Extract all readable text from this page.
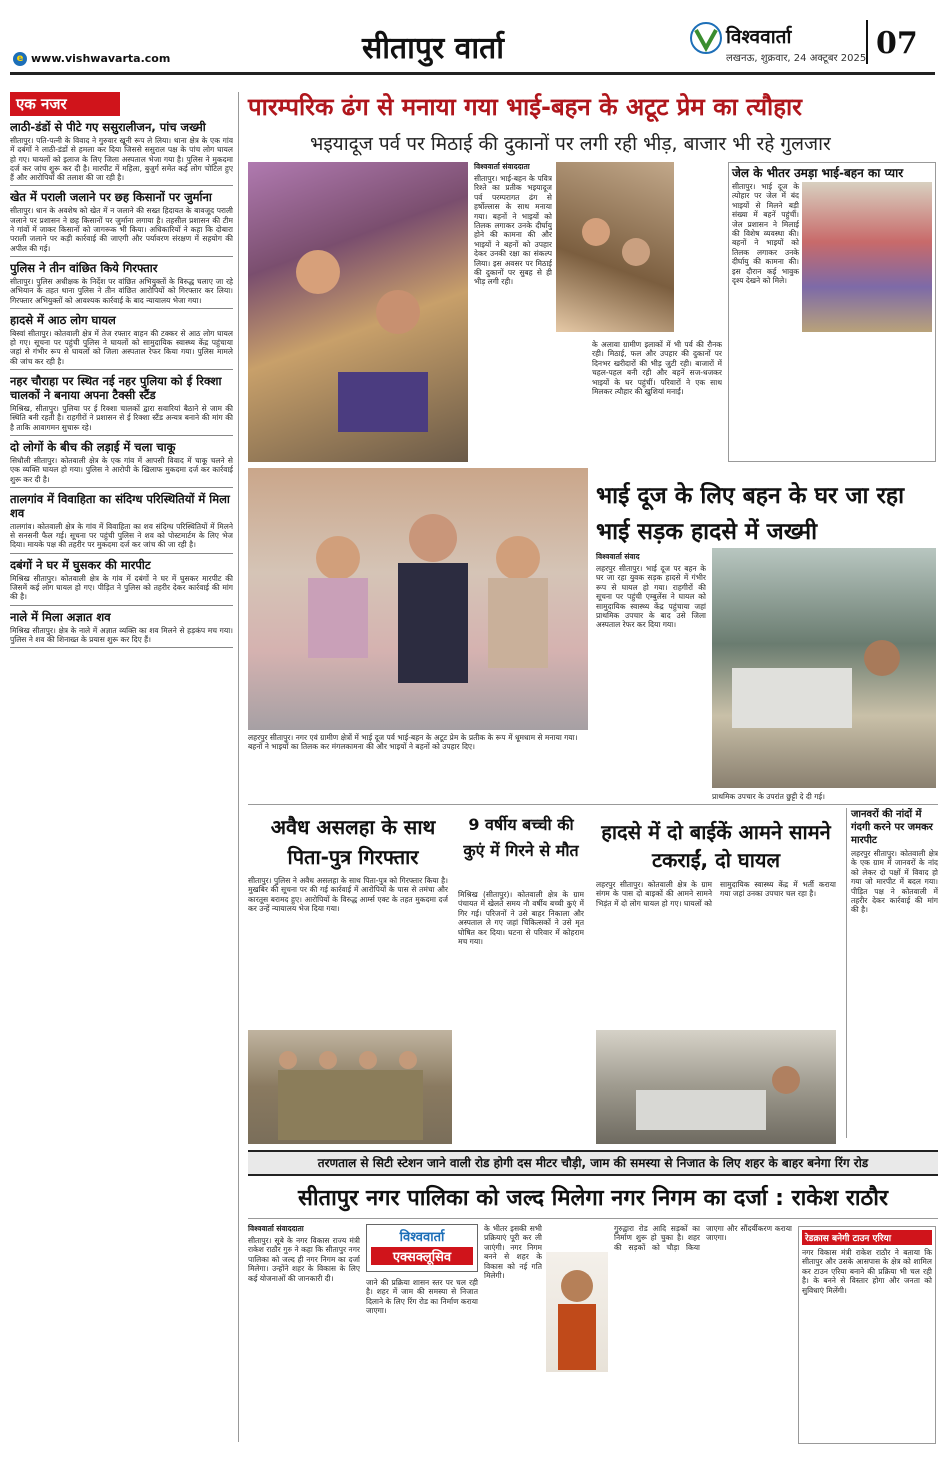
सीतापुर वार्ता	विश्ववार्ता
लखनऊ, शुक्रवार, 24 अक्टूबर 2025 07
e www.vishwavarta.com
एक नजर
लाठी-डंडों से पीटे गए ससुरालीजन, पांच जख्मी
सीतापुर। पति-पत्नी के विवाद ने गुरुवार खूनी रूप ले लिया। थाना क्षेत्र के एक गांव में दबंगों ने लाठी-डंडों से हमला कर दिया जिससे ससुराल पक्ष के पांच लोग घायल हो गए। घायलों को इलाज के लिए जिला अस्पताल भेजा गया है। पुलिस ने मुकदमा दर्ज कर जांच शुरू कर दी है। मारपीट में महिला, बुजुर्ग समेत कई लोग चोटिल हुए हैं और आरोपियों की तलाश की जा रही है।
खेत में पराली जलाने पर छह किसानों पर जुर्माना
सीतापुर। धान के अवशेष को खेत में न जलाने की सख्त हिदायत के बावजूद पराली जलाने पर प्रशासन ने छह किसानों पर जुर्माना लगाया है। तहसील प्रशासन की टीम ने गांवों में जाकर किसानों को जागरूक भी किया। अधिकारियों ने कहा कि दोबारा पराली जलाने पर कड़ी कार्रवाई की जाएगी और पर्यावरण संरक्षण में सहयोग की अपील की गई।
पुलिस ने तीन वांछित किये गिरफ्तार
सीतापुर। पुलिस अधीक्षक के निर्देश पर वांछित अभियुक्तों के विरुद्ध चलाए जा रहे अभियान के तहत थाना पुलिस ने तीन वांछित आरोपियों को गिरफ्तार कर लिया। गिरफ्तार अभियुक्तों को आवश्यक कार्रवाई के बाद न्यायालय भेजा गया।
हादसे में आठ लोग घायल
बिस्वां सीतापुर। कोतवाली क्षेत्र में तेज रफ्तार वाहन की टक्कर से आठ लोग घायल हो गए। सूचना पर पहुंची पुलिस ने घायलों को सामुदायिक स्वास्थ्य केंद्र पहुंचाया जहां से गंभीर रूप से घायलों को जिला अस्पताल रेफर किया गया। पुलिस मामले की जांच कर रही है।
नहर चौराहा पर स्थित नई नहर पुलिया को ई रिक्शा चालकों ने बनाया अपना टैक्सी स्टैंड
मिश्रिख, सीतापुर। पुलिया पर ई रिक्शा चालकों द्वारा सवारियां बैठाने से जाम की स्थिति बनी रहती है। राहगीरों ने प्रशासन से ई रिक्शा स्टैंड अन्यत्र बनाने की मांग की है ताकि आवागमन सुचारू रहे।
दो लोगों के बीच की लड़ाई में चला चाकू
सिधौली सीतापुर। कोतवाली क्षेत्र के एक गांव में आपसी विवाद में चाकू चलने से एक व्यक्ति घायल हो गया। पुलिस ने आरोपी के खिलाफ मुकदमा दर्ज कर कार्रवाई शुरू कर दी है।
तालगांव में विवाहिता का संदिग्ध परिस्थितियों में मिला शव
तालगांव। कोतवाली क्षेत्र के गांव में विवाहिता का शव संदिग्ध परिस्थितियों में मिलने से सनसनी फैल गई। सूचना पर पहुंची पुलिस ने शव को पोस्टमार्टम के लिए भेज दिया। मायके पक्ष की तहरीर पर मुकदमा दर्ज कर जांच की जा रही है।
दबंगों ने घर में घुसकर की मारपीट
मिश्रिख सीतापुर। कोतवाली क्षेत्र के गांव में दबंगों ने घर में घुसकर मारपीट की जिसमें कई लोग घायल हो गए। पीड़ित ने पुलिस को तहरीर देकर कार्रवाई की मांग की है।
नाले में मिला अज्ञात शव
मिश्रिख सीतापुर। क्षेत्र के नाले में अज्ञात व्यक्ति का शव मिलने से हड़कंप मच गया। पुलिस ने शव की शिनाख्त के प्रयास शुरू कर दिए हैं।
पारम्परिक ढंग से मनाया गया भाई-बहन के अटूट प्रेम का त्यौहार
भइयादूज पर्व पर मिठाई की दुकानों पर लगी रही भीड़, बाजार भी रहे गुलजार
विश्ववार्ता संवाददाता
सीतापुर। भाई-बहन के पवित्र रिश्ते का प्रतीक भइयादूज पर्व परम्परागत ढंग से हर्षोल्लास के साथ मनाया गया। बहनों ने भाइयों को तिलक लगाकर उनके दीर्घायु होने की कामना की और भाइयों ने बहनों को उपहार देकर उनकी रक्षा का संकल्प लिया। इस अवसर पर मिठाई की दुकानों पर सुबह से ही भीड़ लगी रही।
के अलावा ग्रामीण इलाकों में भी पर्व की रौनक रही। मिठाई, फल और उपहार की दुकानों पर दिनभर खरीदारों की भीड़ जुटी रही। बाजारों में चहल-पहल बनी रही और बहनें सज-धजकर भाइयों के घर पहुंचीं। परिवारों ने एक साथ मिलकर त्यौहार की खुशियां मनाईं।
जेल के भीतर उमड़ा भाई-बहन का प्यार
सीतापुर। भाई दूज के त्योहार पर जेल में बंद भाइयों से मिलने बड़ी संख्या में बहनें पहुंचीं। जेल प्रशासन ने मिलाई की विशेष व्यवस्था की। बहनों ने भाइयों को तिलक लगाकर उनके दीर्घायु की कामना की। इस दौरान कई भावुक दृश्य देखने को मिले।
लहरपुर सीतापुर। नगर एवं ग्रामीण क्षेत्रों में भाई दूज पर्व भाई-बहन के अटूट प्रेम के प्रतीक के रूप में धूमधाम से मनाया गया। बहनों ने भाइयों का तिलक कर मंगलकामना की और भाइयों ने बहनों को उपहार दिए।
भाई दूज के लिए बहन के घर जा रहा भाई सड़क हादसे में जख्मी
विश्ववार्ता संवाद
लहरपुर सीतापुर। भाई दूज पर बहन के घर जा रहा युवक सड़क हादसे में गंभीर रूप से घायल हो गया। राहगीरों की सूचना पर पहुंची एम्बुलेंस ने घायल को सामुदायिक स्वास्थ्य केंद्र पहुंचाया जहां प्राथमिक उपचार के बाद उसे जिला अस्पताल रेफर कर दिया गया।
प्राथमिक उपचार के उपरांत छुट्टी दे दी गई।
अवैध असलहा के साथ पिता-पुत्र गिरफ्तार
सीतापुर। पुलिस ने अवैध असलहा के साथ पिता-पुत्र को गिरफ्तार किया है। मुखबिर की सूचना पर की गई कार्रवाई में आरोपियों के पास से तमंचा और कारतूस बरामद हुए। आरोपियों के विरुद्ध आर्म्स एक्ट के तहत मुकदमा दर्ज कर उन्हें न्यायालय भेज दिया गया।
9 वर्षीय बच्ची की कुएं में गिरने से मौत
मिश्रिख (सीतापुर)। कोतवाली क्षेत्र के ग्राम पंचायत में खेलते समय नौ वर्षीय बच्ची कुएं में गिर गई। परिजनों ने उसे बाहर निकाला और अस्पताल ले गए जहां चिकित्सकों ने उसे मृत घोषित कर दिया। घटना से परिवार में कोहराम मच गया।
हादसे में दो बाईकें आमने सामने टकराईं, दो घायल
लहरपुर सीतापुर। कोतवाली क्षेत्र के ग्राम संगम के पास दो बाइकों की आमने सामने भिड़ंत में दो लोग घायल हो गए। घायलों को सामुदायिक स्वास्थ्य केंद्र में भर्ती कराया गया जहां उनका उपचार चल रहा है।
जानवरों की नांदों में गंदगी करने पर जमकर मारपीट
लहरपुर सीतापुर। कोतवाली क्षेत्र के एक ग्राम में जानवरों के नांद को लेकर दो पक्षों में विवाद हो गया जो मारपीट में बदल गया। पीड़ित पक्ष ने कोतवाली में तहरीर देकर कार्रवाई की मांग की है।
तरणताल से सिटी स्टेशन जाने वाली रोड होगी दस मीटर चौड़ी, जाम की समस्या से निजात के लिए शहर के बाहर बनेगा रिंग रोड
सीतापुर नगर पालिका को जल्द मिलेगा नगर निगम का दर्जा : राकेश राठौर
विश्ववार्ता संवाददाता
सीतापुर। सूबे के नगर विकास राज्य मंत्री राकेश राठौर गुरु ने कहा कि सीतापुर नगर पालिका को जल्द ही नगर निगम का दर्जा मिलेगा। उन्होंने शहर के विकास के लिए कई योजनाओं की जानकारी दी।
विश्ववार्ता
एक्सक्लूसिव
जाने की प्रक्रिया शासन स्तर पर चल रही है। शहर में जाम की समस्या से निजात दिलाने के लिए रिंग रोड का निर्माण कराया जाएगा।
के भीतर इसकी सभी प्रक्रियाएं पूरी कर ली जाएंगी। नगर निगम बनने से शहर के विकास को नई गति मिलेगी।
गुरुद्वारा रोड आदि सड़कों का निर्माण शुरू हो चुका है। शहर की सड़कों को चौड़ा किया जाएगा और सौंदर्यीकरण कराया जाएगा।	रेडक्रास बनेगी टाउन एरिया
नगर विकास मंत्री राकेश राठौर ने बताया कि सीतापुर और उसके आसपास के क्षेत्र को शामिल कर टाउन एरिया बनाने की प्रक्रिया भी चल रही है। के बनने से विस्तार होगा और जनता को सुविधाएं मिलेंगी।
